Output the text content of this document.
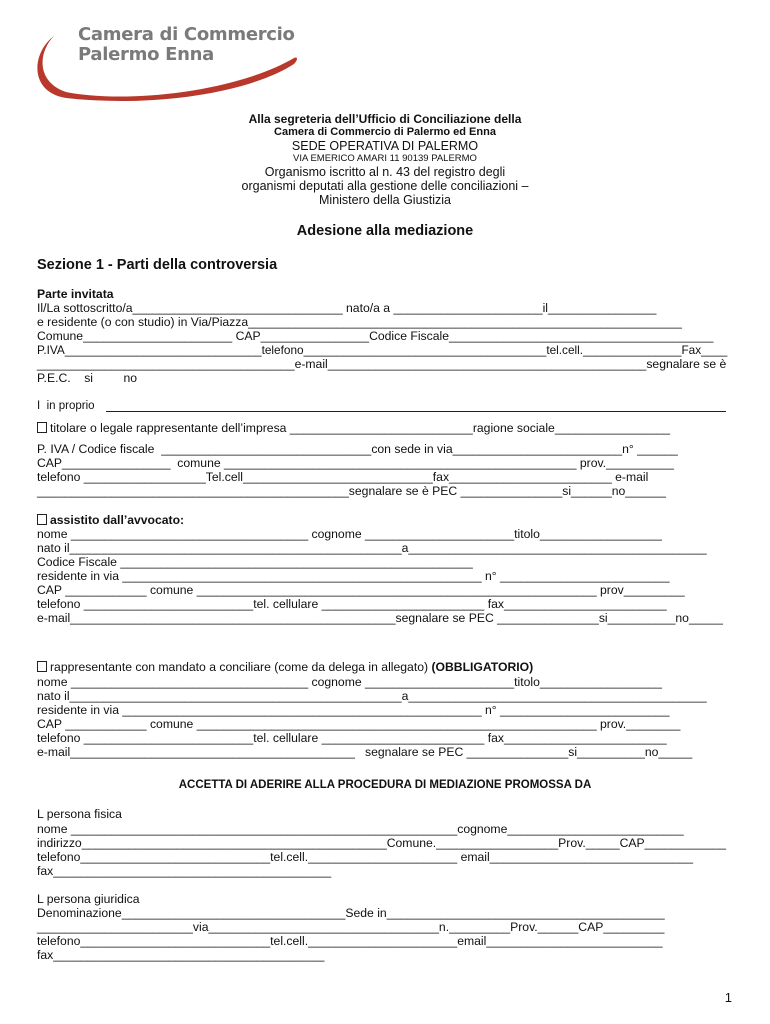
Camera di Commercio
Palermo Enna
Alla segreteria dell’Ufficio di Conciliazione della
Camera di Commercio di Palermo ed Enna
SEDE OPERATIVA DI PALERMO
VIA EMERICO AMARI 11 90139 PALERMO
Organismo iscritto al n. 43 del registro degli
organismi deputati alla gestione delle conciliazioni –
Ministero della Giustizia
Adesione alla mediazione
Sezione 1 - Parti della controversia
Parte invitata
Il/La sottoscritto/a_______________________________ nato/a a ______________________il________________
e residente (o con studio) in Via/Piazza________________________________________________________________
Comune______________________ CAP________________Codice Fiscale_______________________________________
P.IVA______________________________telefono_____________________________________tel.cell._______________Fax____
______________________________________e-mail_______________________________________________segnalare se è
P.E.C.    si         no
I  in proprio
titolare o legale rappresentante dell’impresa ___________________________ragione sociale_________________
P. IVA / Codice fiscale  _______________________________con sede in via_________________________n° ______
CAP________________  comune ____________________________________________________ prov.__________
telefono __________________Tel.cell____________________________fax________________________ e-mail
______________________________________________segnalare se è PEC _______________si______no______
assistito dall’avvocato:
nome ___________________________________ cognome ______________________titolo__________________
nato il_________________________________________________a____________________________________________
Codice Fiscale ____________________________________________________
residente in via _____________________________________________________ n° _________________________
CAP ____________ comune ___________________________________________________________ prov_________
telefono _________________________tel. cellulare ________________________ fax________________________
e-mail________________________________________________segnalare se PEC _______________si__________no_____
rappresentante con mandato a conciliare (come da delega in allegato) (OBBLIGATORIO)
nome ___________________________________ cognome ______________________titolo__________________
nato il_________________________________________________a____________________________________________
residente in via _____________________________________________________ n° _________________________
CAP ____________ comune ___________________________________________________________ prov.________
telefono _________________________tel. cellulare ________________________ fax________________________
e-mail__________________________________________   segnalare se PEC _______________si__________no_____
ACCETTA DI ADERIRE ALLA PROCEDURA DI MEDIAZIONE PROMOSSA DA
L persona fisica
nome _________________________________________________________cognome__________________________
indirizzo_____________________________________________Comune.__________________Prov._____CAP____________
telefono____________________________tel.cell.______________________ email______________________________
fax_________________________________________
L persona giuridica
Denominazione_________________________________Sede in_________________________________________
_______________________via__________________________________n._________Prov.______CAP_________
telefono____________________________tel.cell.______________________email__________________________
fax________________________________________
1
